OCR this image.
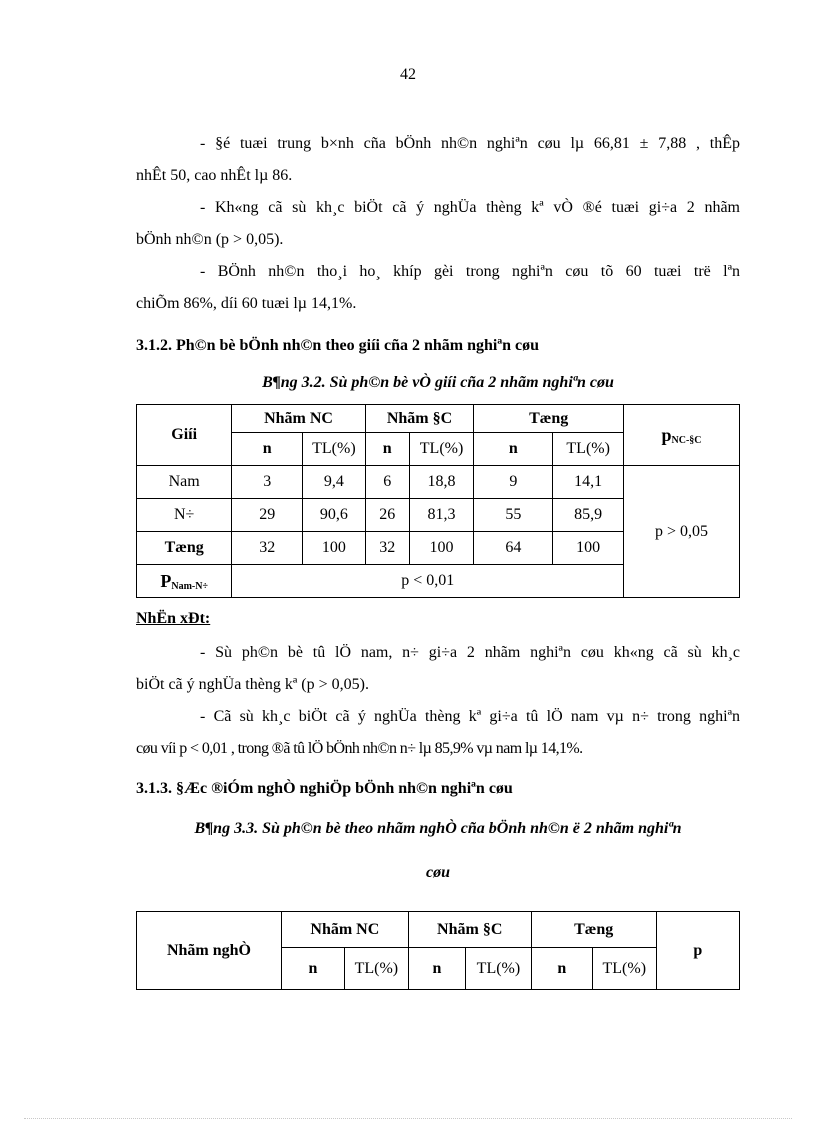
42
- §é tuæi trung b×nh cña bÖnh nh©n nghiªn cøu lµ 66,81 ± 7,88 , thÊp
nhÊt 50, cao nhÊt lµ 86.
- Kh«ng cã sù kh¸c biÖt cã ý nghÜa thèng kª vÒ ®é tuæi gi÷a 2 nhãm
bÖnh nh©n (p > 0,05).
- BÖnh nh©n tho¸i ho¸ khíp gèi trong nghiªn cøu tõ 60 tuæi trë lªn
chiÕm 86%, díi 60 tuæi lµ 14,1%.
3.1.2. Ph©n bè bÖnh nh©n theo giíi cña 2 nhãm nghiªn cøu
B¶ng 3.2. Sù ph©n bè vÒ giíi cña 2 nhãm nghiªn cøu
Giíi	Nhãm NC		Nhãm §C		Tæng		$p_{NC-\S C}$
	n	TL(%)	n	TL(%)	n	TL(%)	
Nam	3	9,4	6	18,8	9	14,1	p > 0,05
N÷	29	90,6	26	81,3	55	85,9	
Tæng	32	100	32	100	64	100	
$P_{Nam-N\div}$	p < 0,01						
NhËn xÐt:
- Sù ph©n bè tû lÖ nam, n÷ gi÷a 2 nhãm nghiªn cøu kh«ng cã sù kh¸c
biÖt cã ý nghÜa thèng kª (p > 0,05).
- Cã sù kh¸c biÖt cã ý nghÜa thèng kª gi÷a tû lÖ nam vµ n÷ trong nghiªn
cøu víi p < 0,01 , trong ®ã tû lÖ bÖnh nh©n n÷ lµ 85,9% vµ nam lµ 14,1%.
3.1.3. §Æc ®iÓm nghÒ nghiÖp bÖnh nh©n nghiªn cøu
B¶ng 3.3. Sù ph©n bè theo nhãm nghÒ cña bÖnh nh©n ë 2 nhãm nghiªn
cøu
Nhãm nghÒ	Nhãm NC		Nhãm §C		Tæng		p
	n	TL(%)	n	TL(%)	n	TL(%)	
